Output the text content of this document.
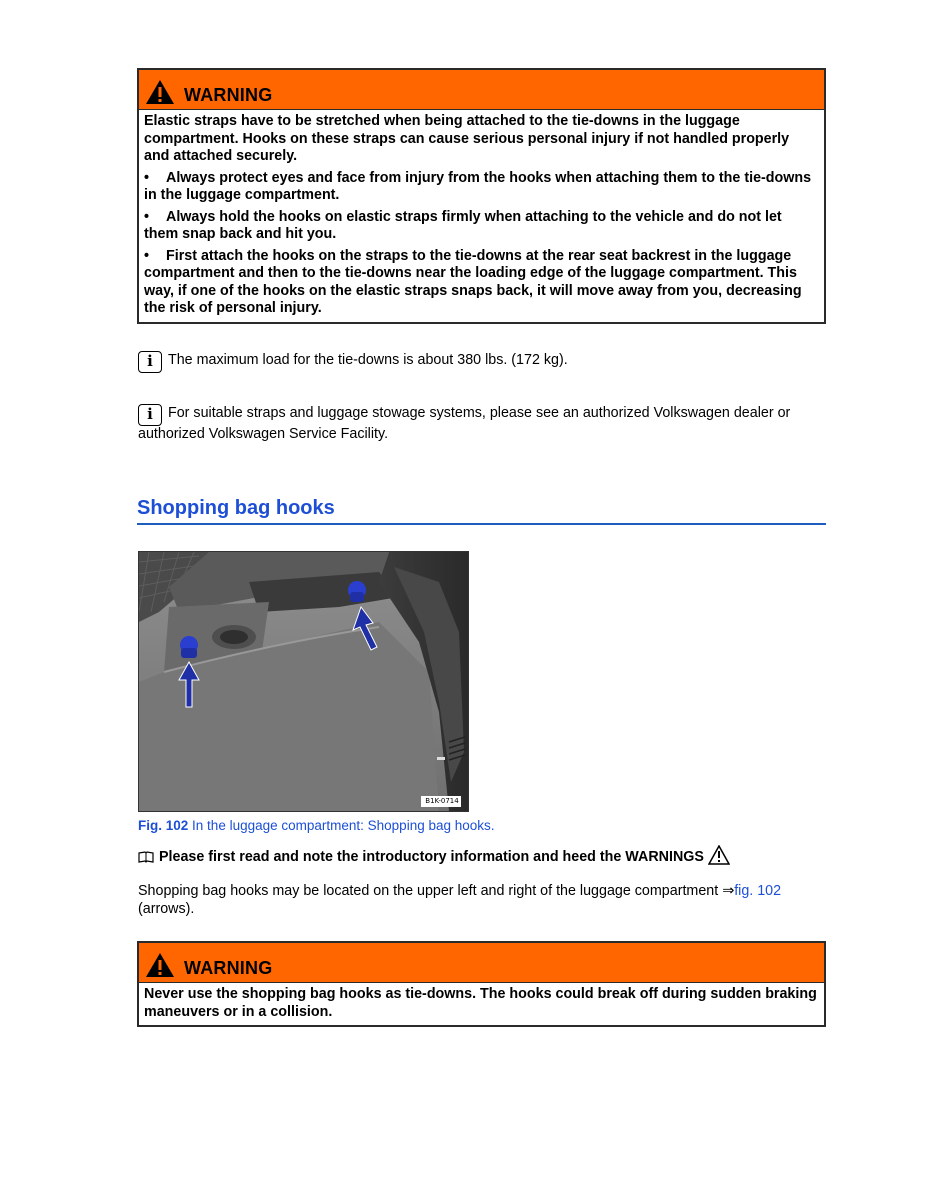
WARNING

Elastic straps have to be stretched when being attached to the tie-downs in the luggage compartment. Hooks on these straps can cause serious personal injury if not handled properly and attached securely.

• Always protect eyes and face from injury from the hooks when attaching them to the tie-downs in the luggage compartment.

• Always hold the hooks on elastic straps firmly when attaching to the vehicle and do not let them snap back and hit you.

• First attach the hooks on the straps to the tie-downs at the rear seat backrest in the luggage compartment and then to the tie-downs near the loading edge of the luggage compartment. This way, if one of the hooks on the elastic straps snaps back, it will move away from you, decreasing the risk of personal injury.

i The maximum load for the tie-downs is about 380 lbs. (172 kg).
i For suitable straps and luggage stowage systems, please see an authorized Volkswagen dealer or authorized Volkswagen Service Facility.
Shopping bag hooks
B1K-0714
Fig. 102 In the luggage compartment: Shopping bag hooks.
Please first read and note the introductory information and heed the WARNINGS
Shopping bag hooks may be located on the upper left and right of the luggage compartment ⇒fig. 102
(arrows).
WARNING

Never use the shopping bag hooks as tie-downs. The hooks could break off during sudden braking maneuvers or in a collision.
